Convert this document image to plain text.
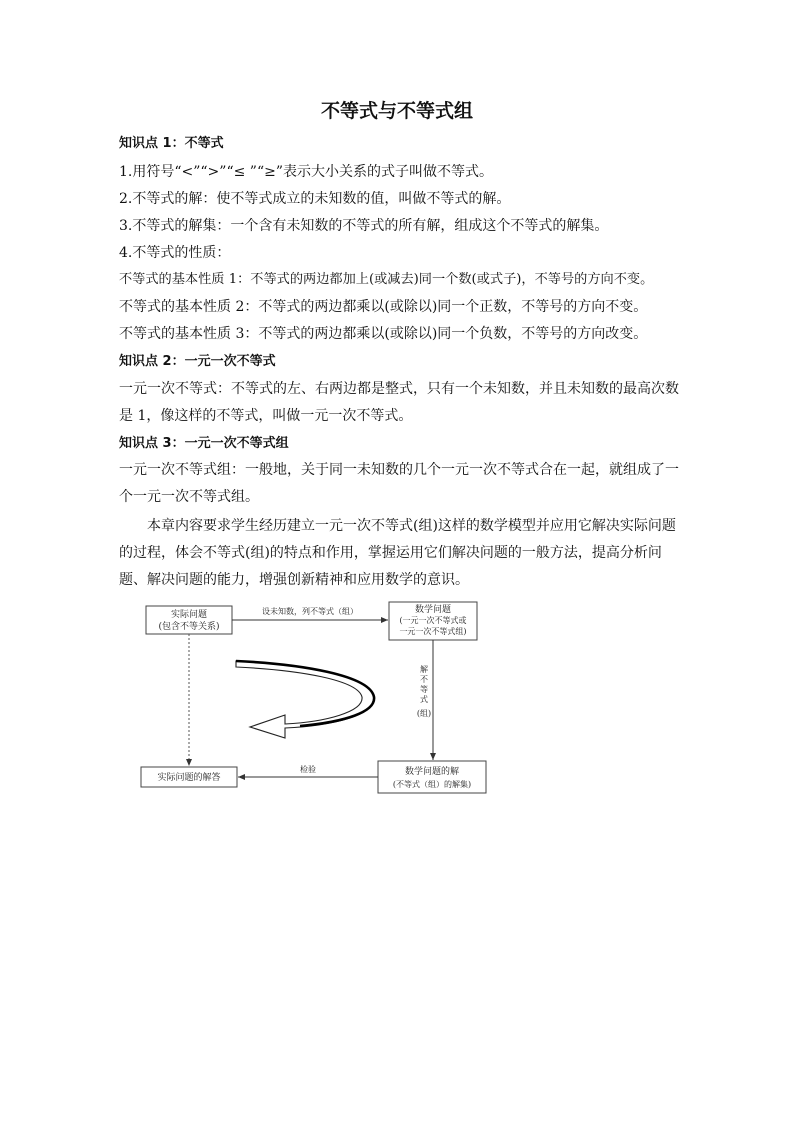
不等式与不等式组
知识点 1：不等式
1.用符号“<”“>”“≤ ”“≥”表示大小关系的式子叫做不等式。
2.不等式的解：使不等式成立的未知数的值，叫做不等式的解。
3.不等式的解集：一个含有未知数的不等式的所有解，组成这个不等式的解集。
4.不等式的性质：
不等式的基本性质 1：不等式的两边都加上(或减去)同一个数(或式子)，不等号的方向不变。
不等式的基本性质 2：不等式的两边都乘以(或除以)同一个正数，不等号的方向不变。
不等式的基本性质 3：不等式的两边都乘以(或除以)同一个负数，不等号的方向改变。
知识点 2：一元一次不等式
一元一次不等式：不等式的左、右两边都是整式，只有一个未知数，并且未知数的最高次数是 1，像这样的不等式，叫做一元一次不等式。
知识点 3：一元一次不等式组
一元一次不等式组：一般地，关于同一未知数的几个一元一次不等式合在一起，就组成了一个一元一次不等式组。
本章内容要求学生经历建立一元一次不等式(组)这样的数学模型并应用它解决实际问题的过程，体会不等式(组)的特点和作用，掌握运用它们解决问题的一般方法，提高分析问题、解决问题的能力，增强创新精神和应用数学的意识。
实际问题
(包含不等关系)
数学问题
(一元一次不等式或
一元一次不等式组)
实际问题的解答
数学问题的解
(不等式（组）的解集)
设未知数，列不等式（组）
解
不
等
式
(组)
检验
